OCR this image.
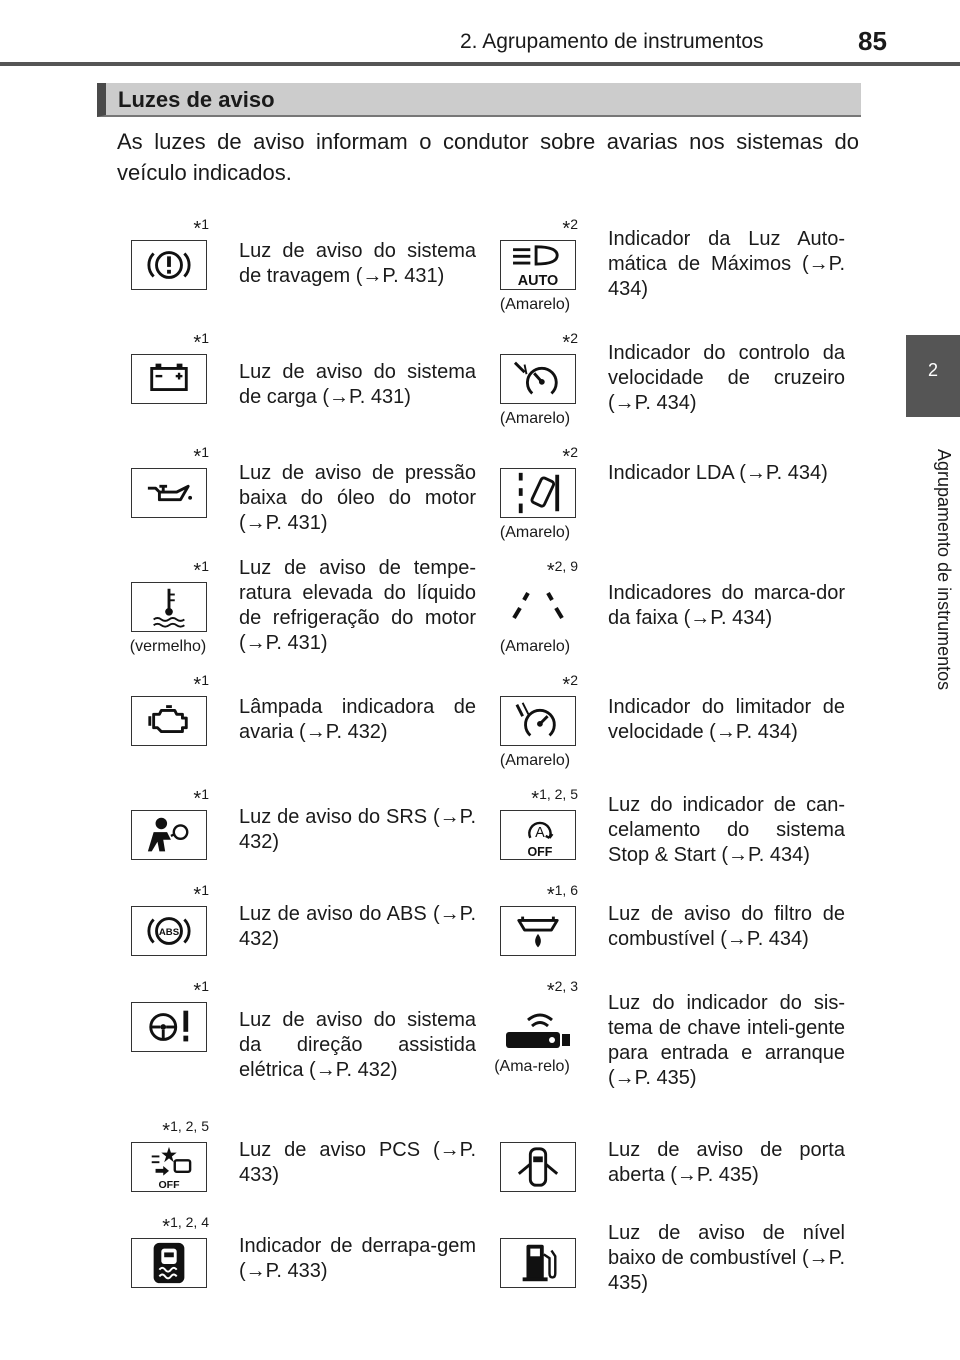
2. Agrupamento de instrumentos	85
2
Agrupamento de instrumentos
Luzes de aviso
As luzes de aviso informam o condutor sobre avarias nos sistemas do veículo indicados.
*$^1$
Luz de aviso do sistema de travagem (→P. 431)
*$^2$
AUTO
(Amarelo)
Indicador da Luz Auto-mática de Máximos (→P. 434)
*$^1$
Luz de aviso do sistema de carga (→P. 431)
*$^2$
(Amarelo)
Indicador do controlo da velocidade de cruzeiro (→P. 434)
*$^1$
Luz de aviso de pressão baixa do óleo do motor (→P. 431)
*$^2$
(Amarelo)
Indicador LDA (→P. 434)
*$^1$
(vermelho)
Luz de aviso de tempe-ratura elevada do líquido de refrigeração do motor (→P. 431)
*$^{2, 9}$
(Amarelo)
Indicadores do marca-dor da faixa (→P. 434)
*$^1$
Lâmpada indicadora de avaria (→P. 432)
*$^2$
(Amarelo)
Indicador do limitador de velocidade (→P. 434)
*$^1$
Luz de aviso do SRS (→P. 432)
*$^{1, 2, 5}$
A
OFF
Luz do indicador de can-celamento do sistema Stop & Start (→P. 434)
*$^1$
ABS
Luz de aviso do ABS (→P. 432)
*$^{1, 6}$
Luz de aviso do filtro de combustível (→P. 434)
*$^1$
Luz de aviso do sistema da direção assistida elétrica (→P. 432)
*$^{2, 3}$
(Ama-relo)
Luz do indicador do sis-tema de chave inteli-gente para entrada e arranque (→P. 435)
*$^{1, 2, 5}$
OFF
Luz de aviso PCS (→P. 433)
Luz de aviso de porta aberta (→P. 435)
*$^{1, 2, 4}$
Indicador de derrapa-gem (→P. 433)
Luz de aviso de nível baixo de combustível (→P. 435)
